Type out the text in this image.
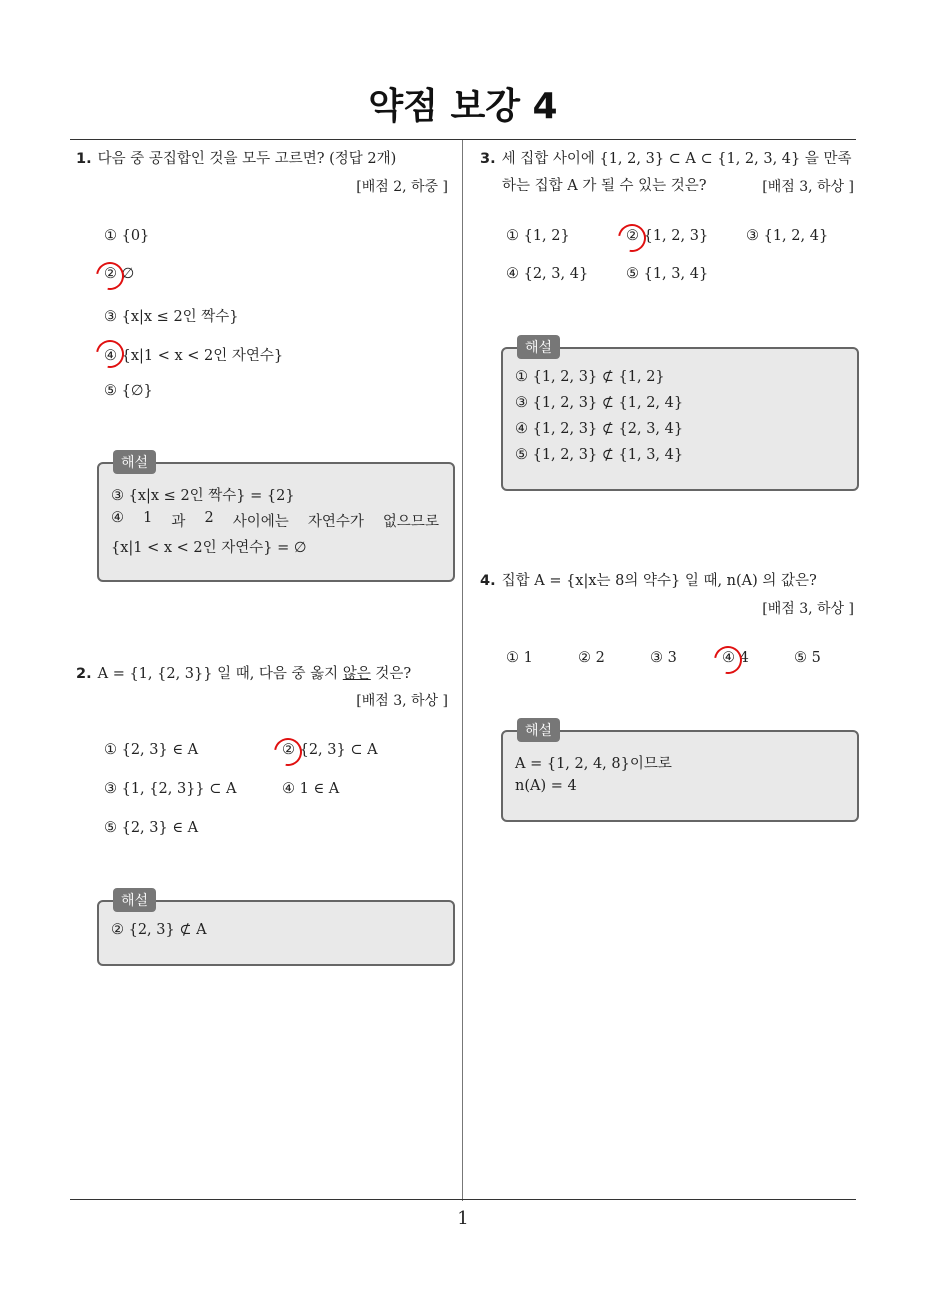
약점 보강 4
1. 다음 중 공집합인 것을 모두 고르면? (정답 2개)
[배점 2, 하중 ]
① {0}
② ∅
③ {x|x ≤ 2인 짝수}
④ {x|1 < x < 2인 자연수}
⑤ {∅}
해설
③ {x|x ≤ 2인 짝수} = {2}
④ 1 과 2 사이에는 자연수가 없으므로
{x|1 < x < 2인 자연수} = ∅
2. A = {1, {2, 3}} 일 때, 다음 중 옳지 않은 것은?
[배점 3, 하상 ]
① {2, 3} ∈ A	② {2, 3} ⊂ A
③ {1, {2, 3}} ⊂ A	④ 1 ∈ A
⑤ {2, 3} ∈ A
해설
② {2, 3} ⊄ A
3. 세 집합 사이에 {1, 2, 3} ⊂ A ⊂ {1, 2, 3, 4} 을 만족
하는 집합 A 가 될 수 있는 것은?	[배점 3, 하상 ]
① {1, 2}	② {1, 2, 3}	③ {1, 2, 4}
④ {2, 3, 4}	⑤ {1, 3, 4}
해설
① {1, 2, 3} ⊄ {1, 2}
③ {1, 2, 3} ⊄ {1, 2, 4}
④ {1, 2, 3} ⊄ {2, 3, 4}
⑤ {1, 2, 3} ⊄ {1, 3, 4}
4. 집합 A = {x|x는 8의 약수} 일 때, n(A) 의 값은?
[배점 3, 하상 ]
① 1	② 2	③ 3	④ 4	⑤ 5
해설
A = {1, 2, 4, 8}이므로
n(A) = 4
1
